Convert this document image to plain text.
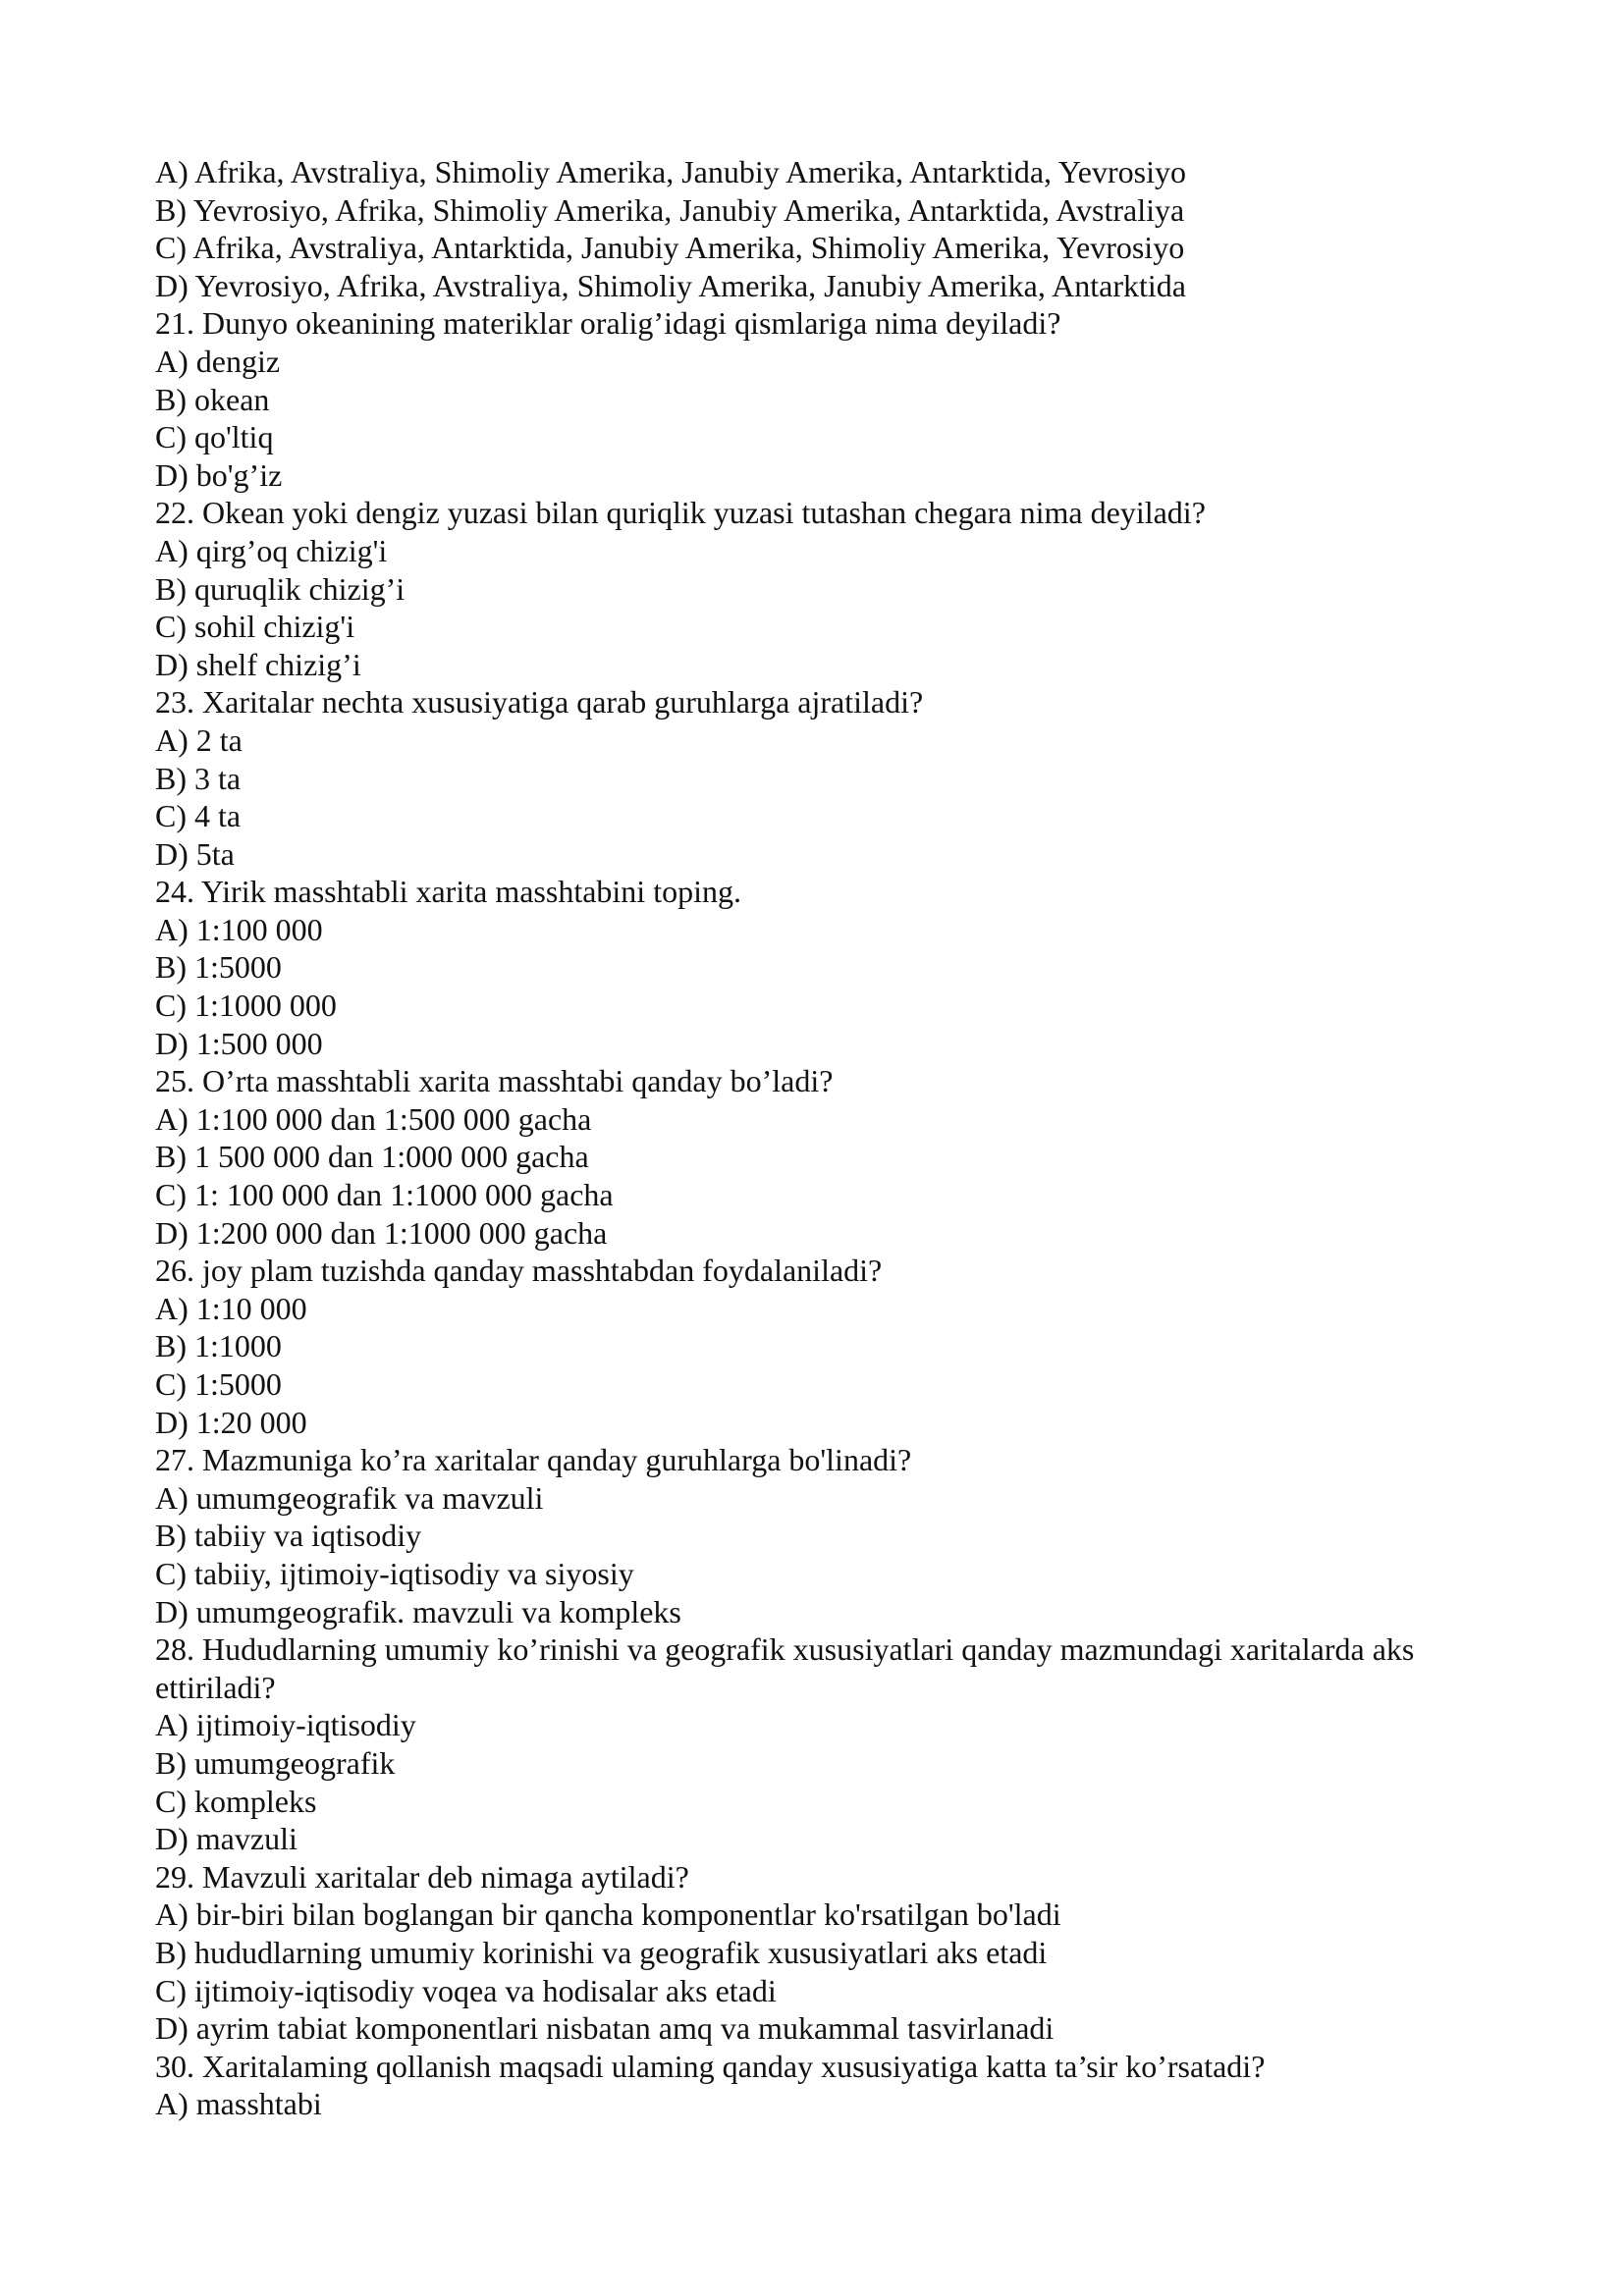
A) Afrika, Avstraliya, Shimoliy Amerika, Janubiy Amerika, Antarktida, Yevrosiyo
B) Yevrosiyo, Afrika, Shimoliy Amerika, Janubiy Amerika, Antarktida, Avstraliya
C) Afrika, Avstraliya, Antarktida, Janubiy Amerika, Shimoliy Amerika, Yevrosiyo
D) Yevrosiyo, Afrika, Avstraliya, Shimoliy Amerika, Janubiy Amerika, Antarktida
21. Dunyo okeanining materiklar oralig’idagi qismlariga nima deyiladi?
A) dengiz
B) okean
C) qo'ltiq
D) bo'g’iz
22. Okean yoki dengiz yuzasi bilan quriqlik yuzasi tutashan chegara nima deyiladi?
A) qirg’oq chizig'i
B) quruqlik chizig’i
C) sohil chizig'i
D) shelf chizig’i
23. Xaritalar nechta xususiyatiga qarab guruhlarga ajratiladi?
A) 2 ta
B) 3 ta
C) 4 ta
D) 5ta
24. Yirik masshtabli xarita masshtabini toping.
A) 1:100 000
B) 1:5000
C) 1:1000 000
D) 1:500 000
25. O’rta masshtabli xarita masshtabi qanday bo’ladi?
A) 1:100 000 dan 1:500 000 gacha
B) 1 500 000 dan 1:000 000 gacha
C) 1: 100 000 dan 1:1000 000 gacha
D) 1:200 000 dan 1:1000 000 gacha
26. joy plam tuzishda qanday masshtabdan foydalaniladi?
A) 1:10 000
B) 1:1000
C) 1:5000
D) 1:20 000
27. Mazmuniga ko’ra xaritalar qanday guruhlarga bo'linadi?
A) umumgeografik va mavzuli
B) tabiiy va iqtisodiy
C) tabiiy, ijtimoiy-iqtisodiy va siyosiy
D) umumgeografik. mavzuli va kompleks
28. Hududlarning umumiy ko’rinishi va geografik xususiyatlari qanday mazmundagi xaritalarda aks ettiriladi?
A) ijtimoiy-iqtisodiy
B) umumgeografik
C) kompleks
D) mavzuli
29. Mavzuli xaritalar deb nimaga aytiladi?
A) bir-biri bilan boglangan bir qancha komponentlar ko'rsatilgan bo'ladi
B) hududlarning umumiy korinishi va geografik xususiyatlari aks etadi
C) ijtimoiy-iqtisodiy voqea va hodisalar aks etadi
D) ayrim tabiat komponentlari nisbatan amq va mukammal tasvirlanadi
30. Xaritalaming qollanish maqsadi ulaming qanday xususiyatiga katta ta’sir ko’rsatadi?
A) masshtabi
